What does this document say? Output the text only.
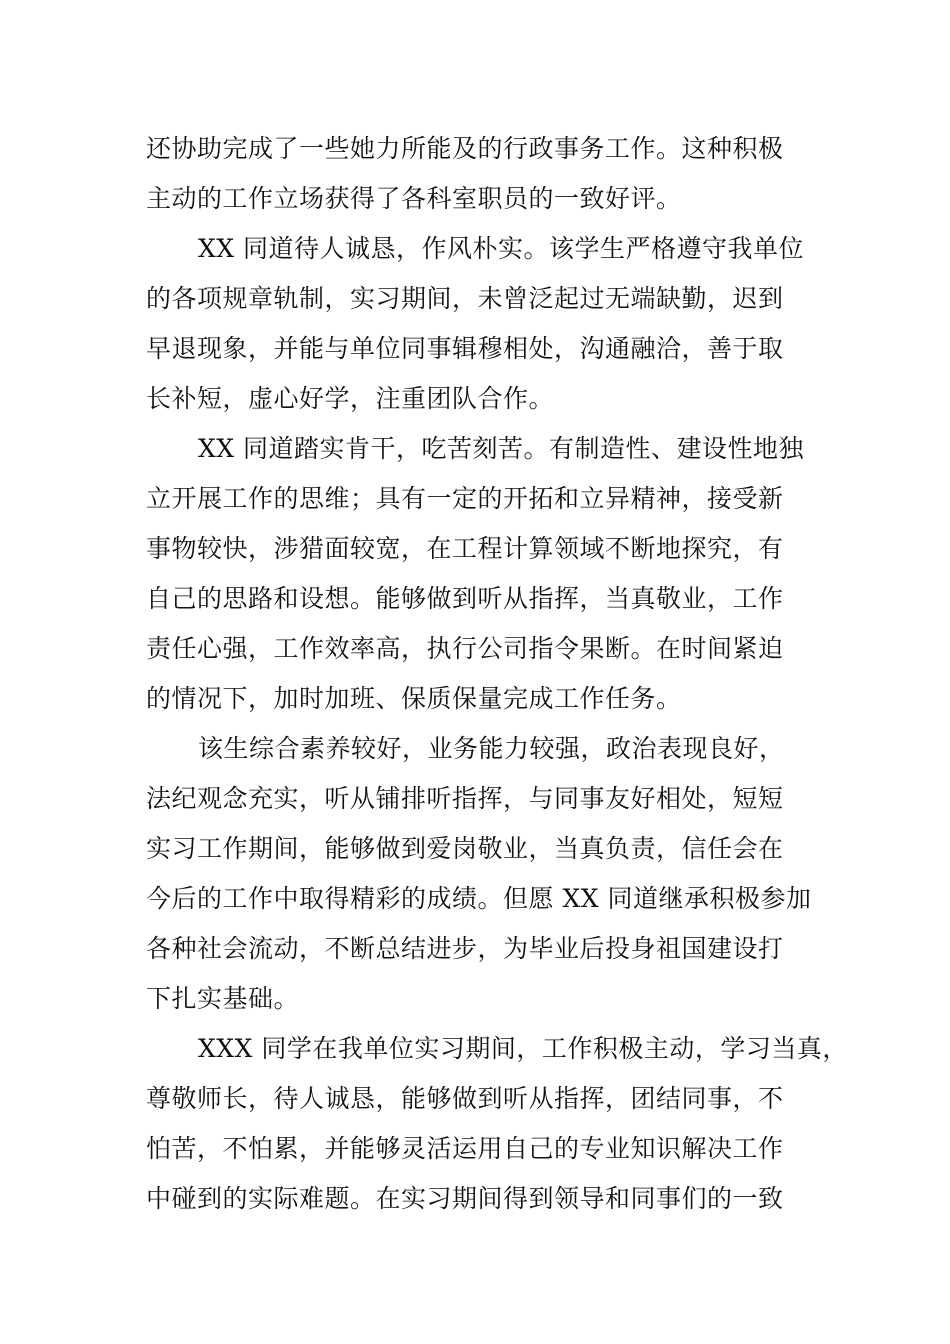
还协助完成了一些她力所能及的行政事务工作。这种积极
主动的工作立场获得了各科室职员的一致好评。
XX 同道待人诚恳，作风朴实。该学生严格遵守我单位
的各项规章轨制，实习期间，未曾泛起过无端缺勤，迟到
早退现象，并能与单位同事辑穆相处，沟通融洽，善于取
长补短，虚心好学，注重团队合作。
XX 同道踏实肯干，吃苦刻苦。有制造性、建设性地独
立开展工作的思维；具有一定的开拓和立异精神，接受新
事物较快，涉猎面较宽，在工程计算领域不断地探究，有
自己的思路和设想。能够做到听从指挥，当真敬业，工作
责任心强，工作效率高，执行公司指令果断。在时间紧迫
的情况下，加时加班、保质保量完成工作任务。
该生综合素养较好，业务能力较强，政治表现良好，
法纪观念充实，听从铺排听指挥，与同事友好相处，短短
实习工作期间，能够做到爱岗敬业，当真负责，信任会在
今后的工作中取得精彩的成绩。但愿 XX 同道继承积极参加
各种社会流动，不断总结进步，为毕业后投身祖国建设打
下扎实基础。
XXX 同学在我单位实习期间，工作积极主动，学习当真，
尊敬师长，待人诚恳，能够做到听从指挥，团结同事，不
怕苦，不怕累，并能够灵活运用自己的专业知识解决工作
中碰到的实际难题。在实习期间得到领导和同事们的一致
